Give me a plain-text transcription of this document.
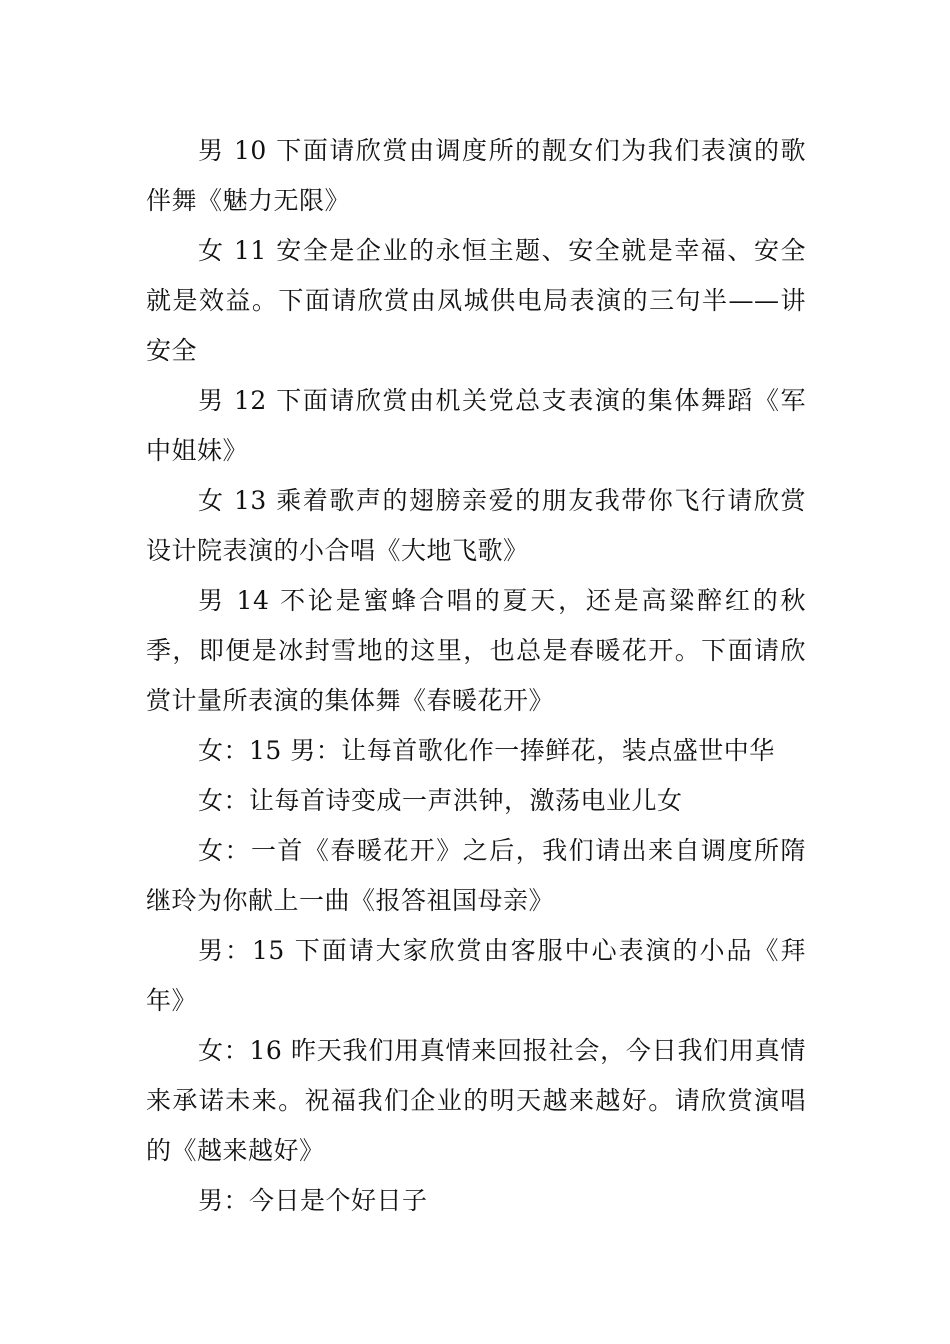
男 10 下面请欣赏由调度所的靓女们为我们表演的歌伴舞《魅力无限》

女 11 安全是企业的永恒主题、安全就是幸福、安全就是效益。下面请欣赏由凤城供电局表演的三句半——讲安全

男 12 下面请欣赏由机关党总支表演的集体舞蹈《军中姐妹》

女 13 乘着歌声的翅膀亲爱的朋友我带你飞行请欣赏设计院表演的小合唱《大地飞歌》

男 14 不论是蜜蜂合唱的夏天，还是高粱醉红的秋季，即便是冰封雪地的这里，也总是春暖花开。下面请欣赏计量所表演的集体舞《春暖花开》

女：15 男：让每首歌化作一捧鲜花，装点盛世中华

女：让每首诗变成一声洪钟，激荡电业儿女

女：一首《春暖花开》之后，我们请出来自调度所隋继玲为你献上一曲《报答祖国母亲》

男：15 下面请大家欣赏由客服中心表演的小品《拜年》

女：16 昨天我们用真情来回报社会，今日我们用真情来承诺未来。祝福我们企业的明天越来越好。请欣赏演唱的《越来越好》

男：今日是个好日子
